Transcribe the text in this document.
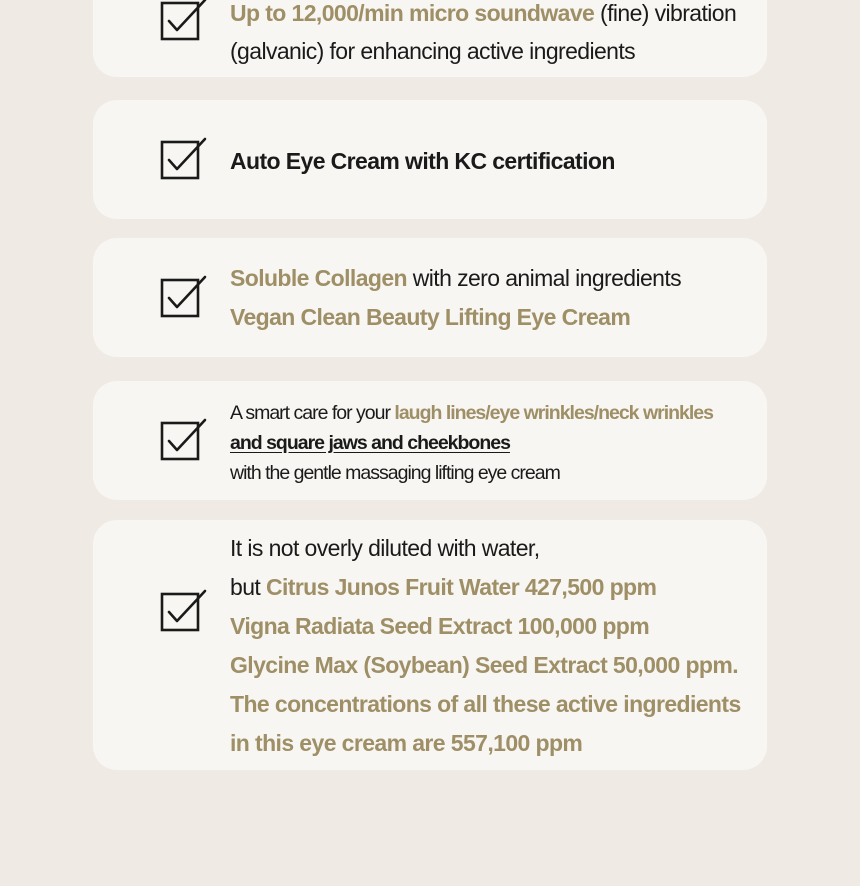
Up to 12,000/min micro soundwave (fine) vibration
(galvanic) for enhancing active ingredients
Auto Eye Cream with KC certification
Soluble Collagen with zero animal ingredients
Vegan Clean Beauty Lifting Eye Cream
A smart care for your laugh lines/eye wrinkles/neck wrinkles
and square jaws and cheekbones
with the gentle massaging lifting eye cream
It is not overly diluted with water,
but Citrus Junos Fruit Water 427,500 ppm
Vigna Radiata Seed Extract 100,000 ppm
Glycine Max (Soybean) Seed Extract 50,000 ppm.
The concentrations of all these active ingredients
in this eye cream are 557,100 ppm
